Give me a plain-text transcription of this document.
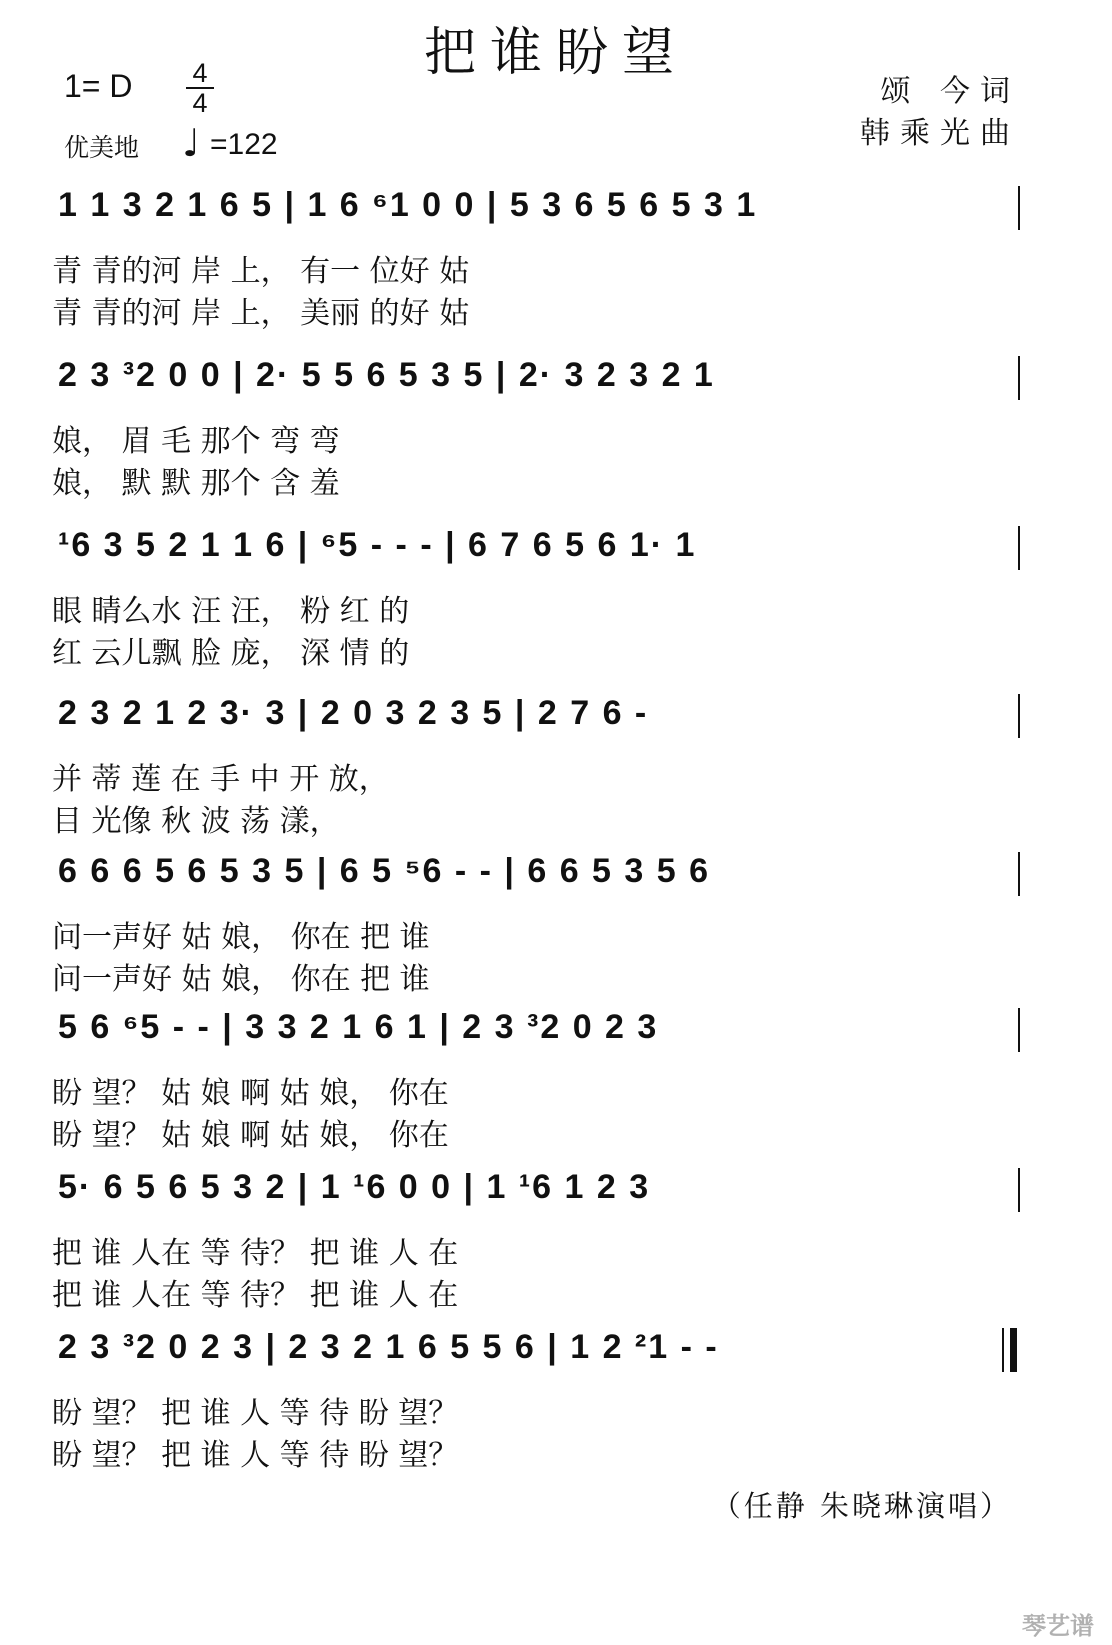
把谁盼望
1= D 4
4	颂 今词
韩乘光曲
优美地 ♩ =122
1 1 3 2 1 6 5 | 1 6 ⁶1 0 0 | 5 3 6 5 6 5 3 1
青 青的河 岸 上， 有一 位好 姑
青 青的河 岸 上， 美丽 的好 姑
2 3 ³2 0 0 | 2· 5 5 6 5 3 5 | 2· 3 2 3 2 1
娘， 眉 毛 那个 弯 弯
娘， 默 默 那个 含 羞
¹6 3 5 2 1 1 6 | ⁶5 - - - | 6 7 6 5 6 1· 1
眼 睛么水 汪 汪， 粉 红 的
红 云儿飘 脸 庞， 深 情 的
2 3 2 1 2 3· 3 | 2 0 3 2 3 5 | 2 7 6 -
并 蒂 莲 在 手 中 开 放，
目 光像 秋 波 荡 漾，
6 6 6 5 6 5 3 5 | 6 5 ⁵6 - - | 6 6 5 3 5 6
问一声好 姑 娘， 你在 把 谁
问一声好 姑 娘， 你在 把 谁
5 6 ⁶5 - - | 3 3 2 1 6 1 | 2 3 ³2 0 2 3
盼 望？ 姑 娘 啊 姑 娘， 你在
盼 望？ 姑 娘 啊 姑 娘， 你在
5· 6 5 6 5 3 2 | 1 ¹6 0 0 | 1 ¹6 1 2 3
把 谁 人在 等 待？ 把 谁 人 在
把 谁 人在 等 待？ 把 谁 人 在
2 3 ³2 0 2 3 | 2 3 2 1 6 5 5 6 | 1 2 ²1 - -
盼 望？ 把 谁 人 等 待 盼 望？
盼 望？ 把 谁 人 等 待 盼 望？
（任静 朱晓琳演唱）
琴艺谱
